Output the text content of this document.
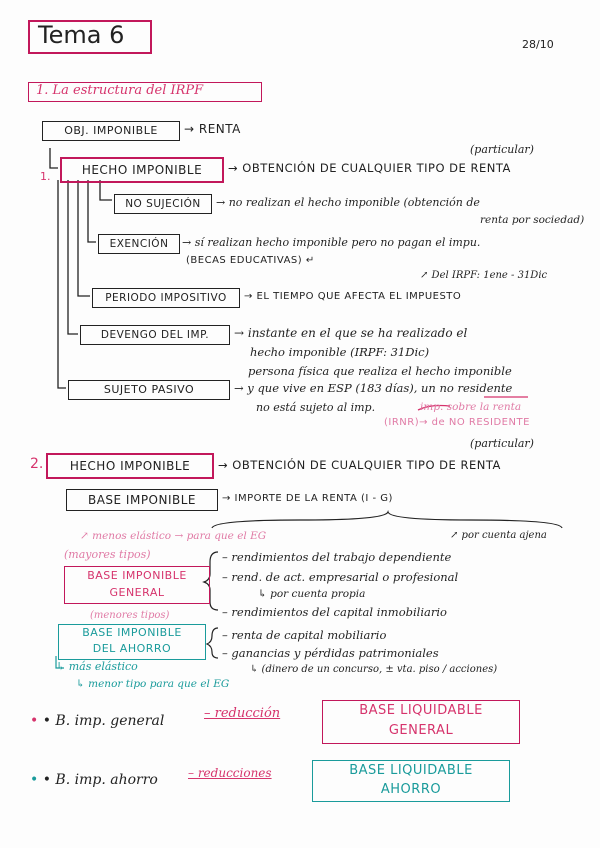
Tema 6	28/10
1. La estructura del IRPF
OBJ. IMPONIBLE	→ RENTA
1.	HECHO IMPONIBLE	→ OBTENCIÓN DE CUALQUIER TIPO DE RENTA
(particular)
NO SUJECIÓN	→ no realizan el hecho imponible (obtención de
renta por sociedad)
EXENCIÓN	→ sí realizan hecho imponible pero no pagan el impu.
(BECAS EDUCATIVAS) ↵
↗ Del IRPF: 1ene - 31Dic
PERIODO IMPOSITIVO	→ EL TIEMPO QUE AFECTA EL IMPUESTO
DEVENGO DEL IMP.	→ instante en el que se ha realizado el
hecho imponible (IRPF: 31Dic)
persona física que realiza el hecho imponible
SUJETO PASIVO	→ y que vive en ESP (183 días), un no residente
no está sujeto al imp.	imp. sobre la renta
(IRNR)→ de NO RESIDENTE
(particular)
2.	HECHO IMPONIBLE	→ OBTENCIÓN DE CUALQUIER TIPO DE RENTA
BASE IMPONIBLE	→ IMPORTE DE LA RENTA (I - G)
↗ menos elástico → para que el EG	↗ por cuenta ajena
(mayores tipos)
BASE IMPONIBLE
GENERAL
– rendimientos del trabajo dependiente
– rend. de act. empresarial o profesional
↳ por cuenta propia
– rendimientos del capital inmobiliario
(menores tipos)
BASE IMPONIBLE
DEL AHORRO
– renta de capital mobiliario
– ganancias y pérdidas patrimoniales
↳ (dinero de un concurso, ± vta. piso / acciones)
↳ más elástico
↳ menor tipo para que el EG
• • B. imp. general	– reducción	BASE LIQUIDABLE
GENERAL
• • B. imp. ahorro	– reducciones	BASE LIQUIDABLE
AHORRO
